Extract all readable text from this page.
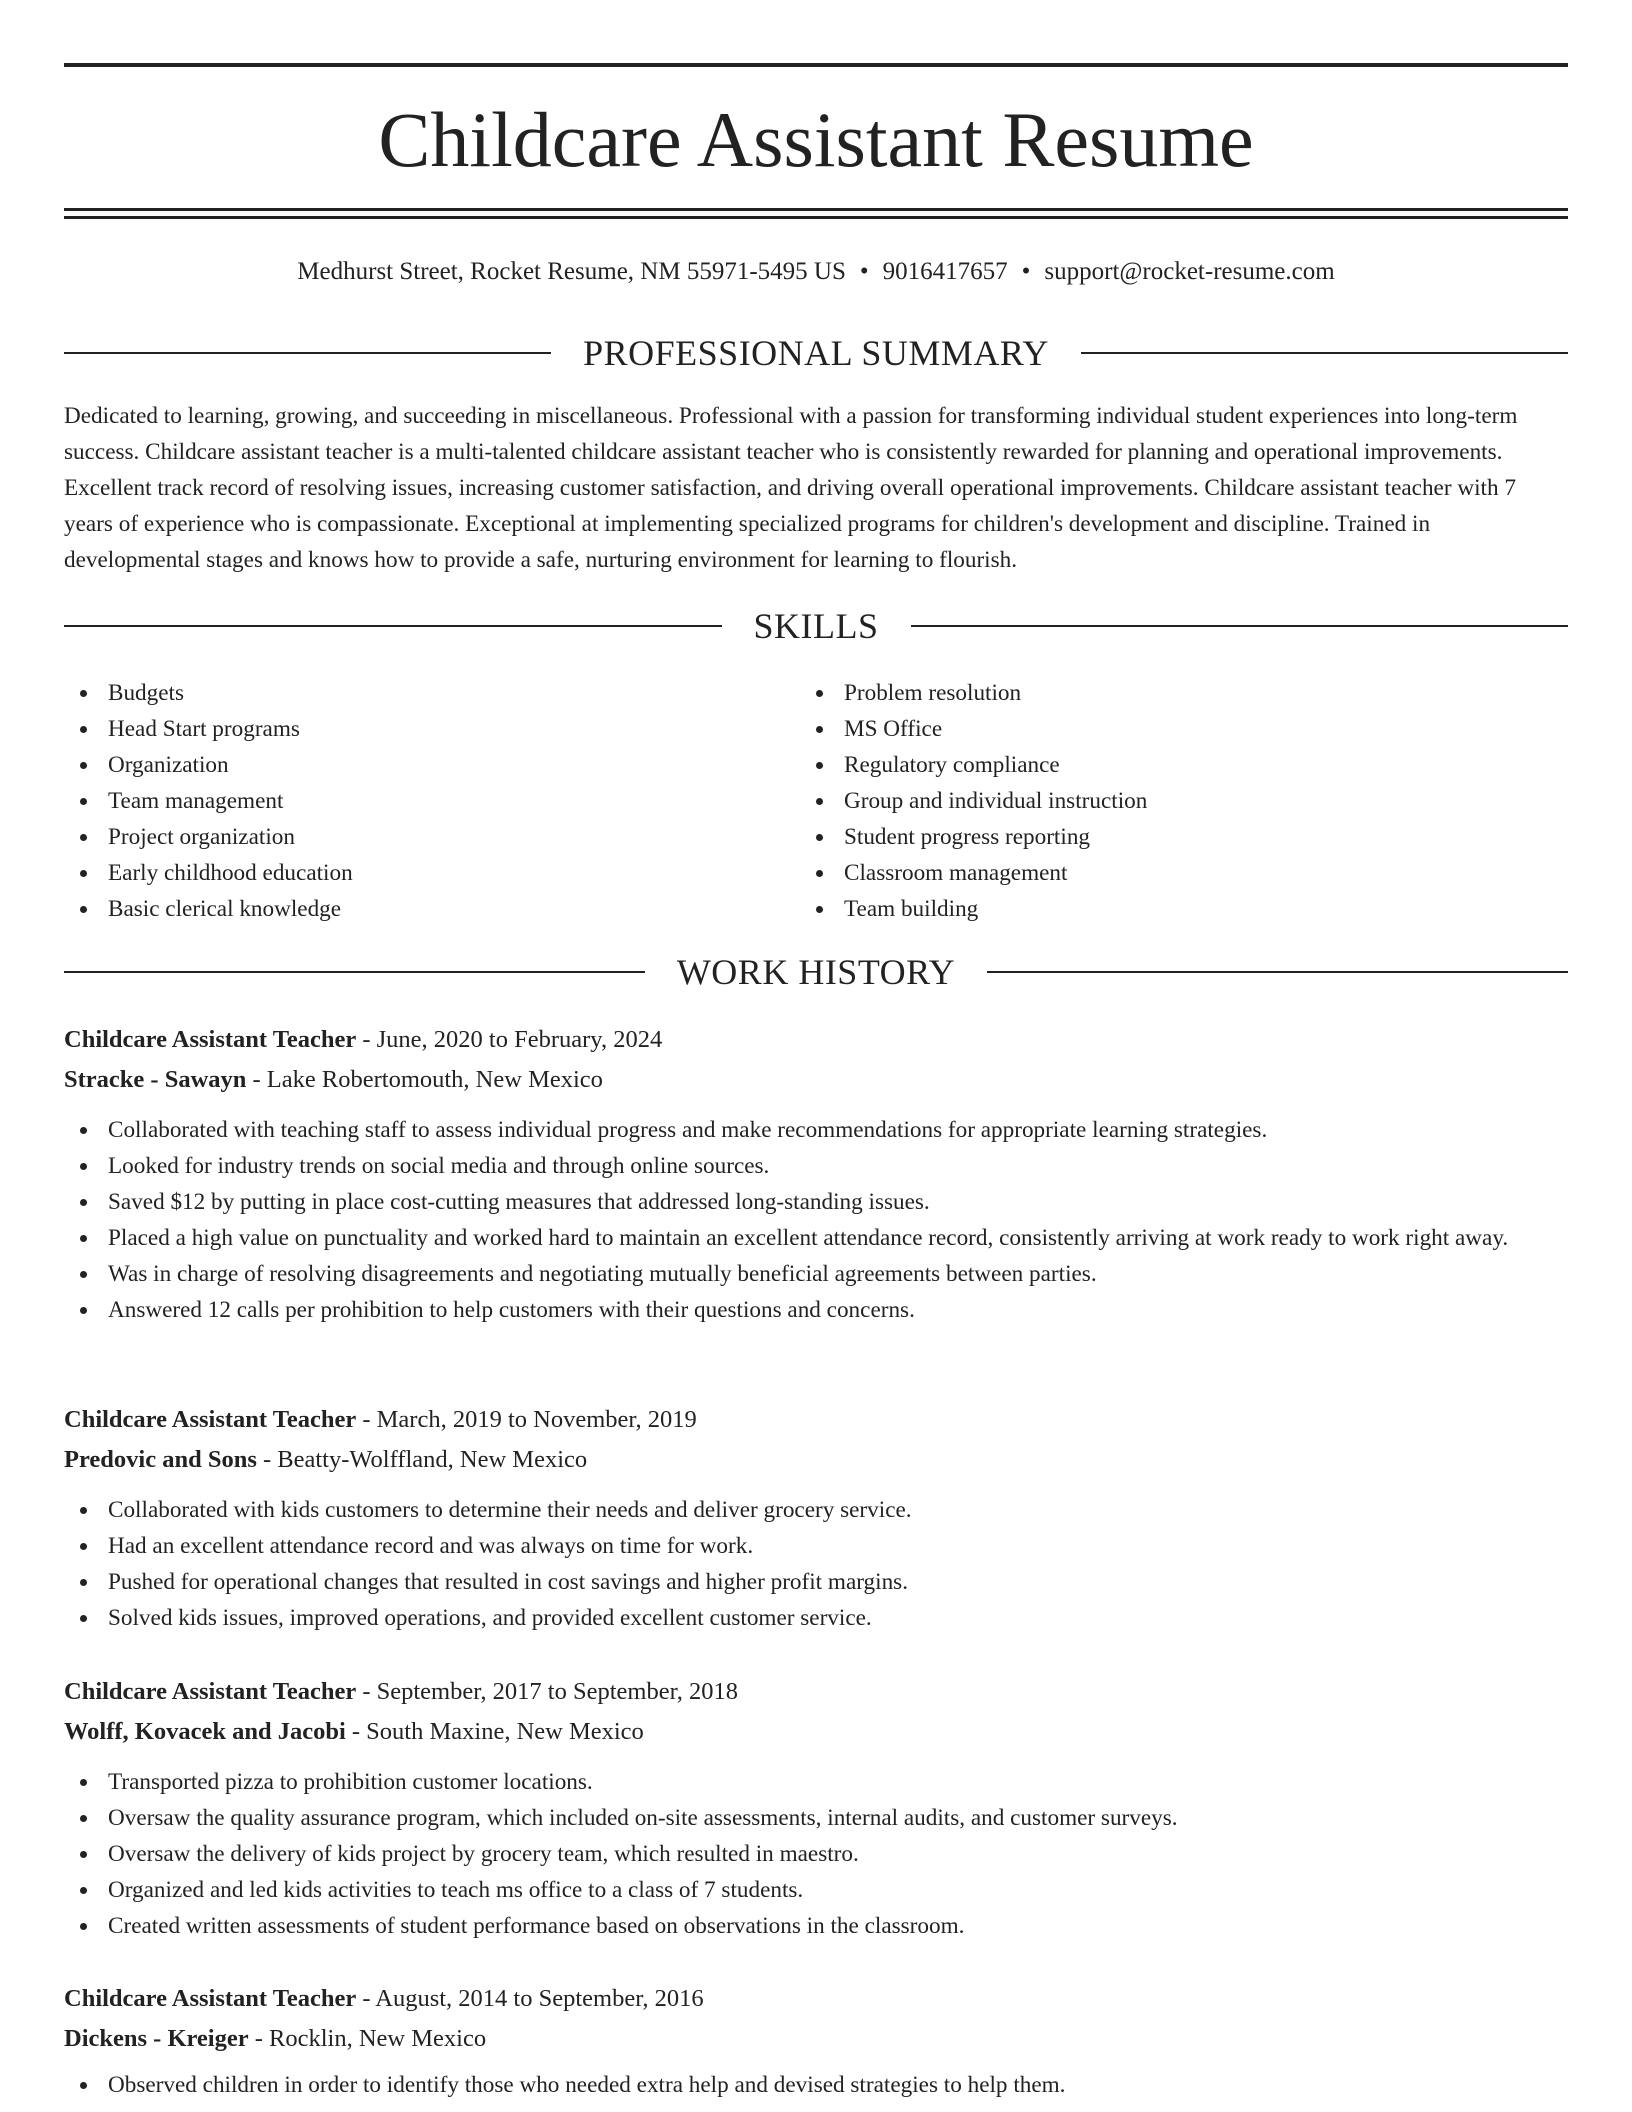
Childcare Assistant Resume
Medhurst Street, Rocket Resume, NM 55971-5495 US • 9016417657 • support@rocket-resume.com
PROFESSIONAL SUMMARY

Dedicated to learning, growing, and succeeding in miscellaneous. Professional with a passion for transforming individual student experiences into long-term success. Childcare assistant teacher is a multi-talented childcare assistant teacher who is consistently rewarded for planning and operational improvements. Excellent track record of resolving issues, increasing customer satisfaction, and driving overall operational improvements. Childcare assistant teacher with 7 years of experience who is compassionate. Exceptional at implementing specialized programs for children's development and discipline. Trained in developmental stages and knows how to provide a safe, nurturing environment for learning to flourish.

SKILLS
Budgets
Head Start programs
Organization
Team management
Project organization
Early childhood education
Basic clerical knowledge
Problem resolution
MS Office
Regulatory compliance
Group and individual instruction
Student progress reporting
Classroom management
Team building
WORK HISTORY
Childcare Assistant Teacher - June, 2020 to February, 2024
Stracke - Sawayn - Lake Robertomouth, New Mexico
Collaborated with teaching staff to assess individual progress and make recommendations for appropriate learning strategies.
Looked for industry trends on social media and through online sources.
Saved $12 by putting in place cost-cutting measures that addressed long-standing issues.
Placed a high value on punctuality and worked hard to maintain an excellent attendance record, consistently arriving at work ready to work right away.
Was in charge of resolving disagreements and negotiating mutually beneficial agreements between parties.
Answered 12 calls per prohibition to help customers with their questions and concerns.
Childcare Assistant Teacher - March, 2019 to November, 2019
Predovic and Sons - Beatty-Wolffland, New Mexico
Collaborated with kids customers to determine their needs and deliver grocery service.
Had an excellent attendance record and was always on time for work.
Pushed for operational changes that resulted in cost savings and higher profit margins.
Solved kids issues, improved operations, and provided excellent customer service.
Childcare Assistant Teacher - September, 2017 to September, 2018
Wolff, Kovacek and Jacobi - South Maxine, New Mexico
Transported pizza to prohibition customer locations.
Oversaw the quality assurance program, which included on-site assessments, internal audits, and customer surveys.
Oversaw the delivery of kids project by grocery team, which resulted in maestro.
Organized and led kids activities to teach ms office to a class of 7 students.
Created written assessments of student performance based on observations in the classroom.
Childcare Assistant Teacher - August, 2014 to September, 2016
Dickens - Kreiger - Rocklin, New Mexico
Observed children in order to identify those who needed extra help and devised strategies to help them.
